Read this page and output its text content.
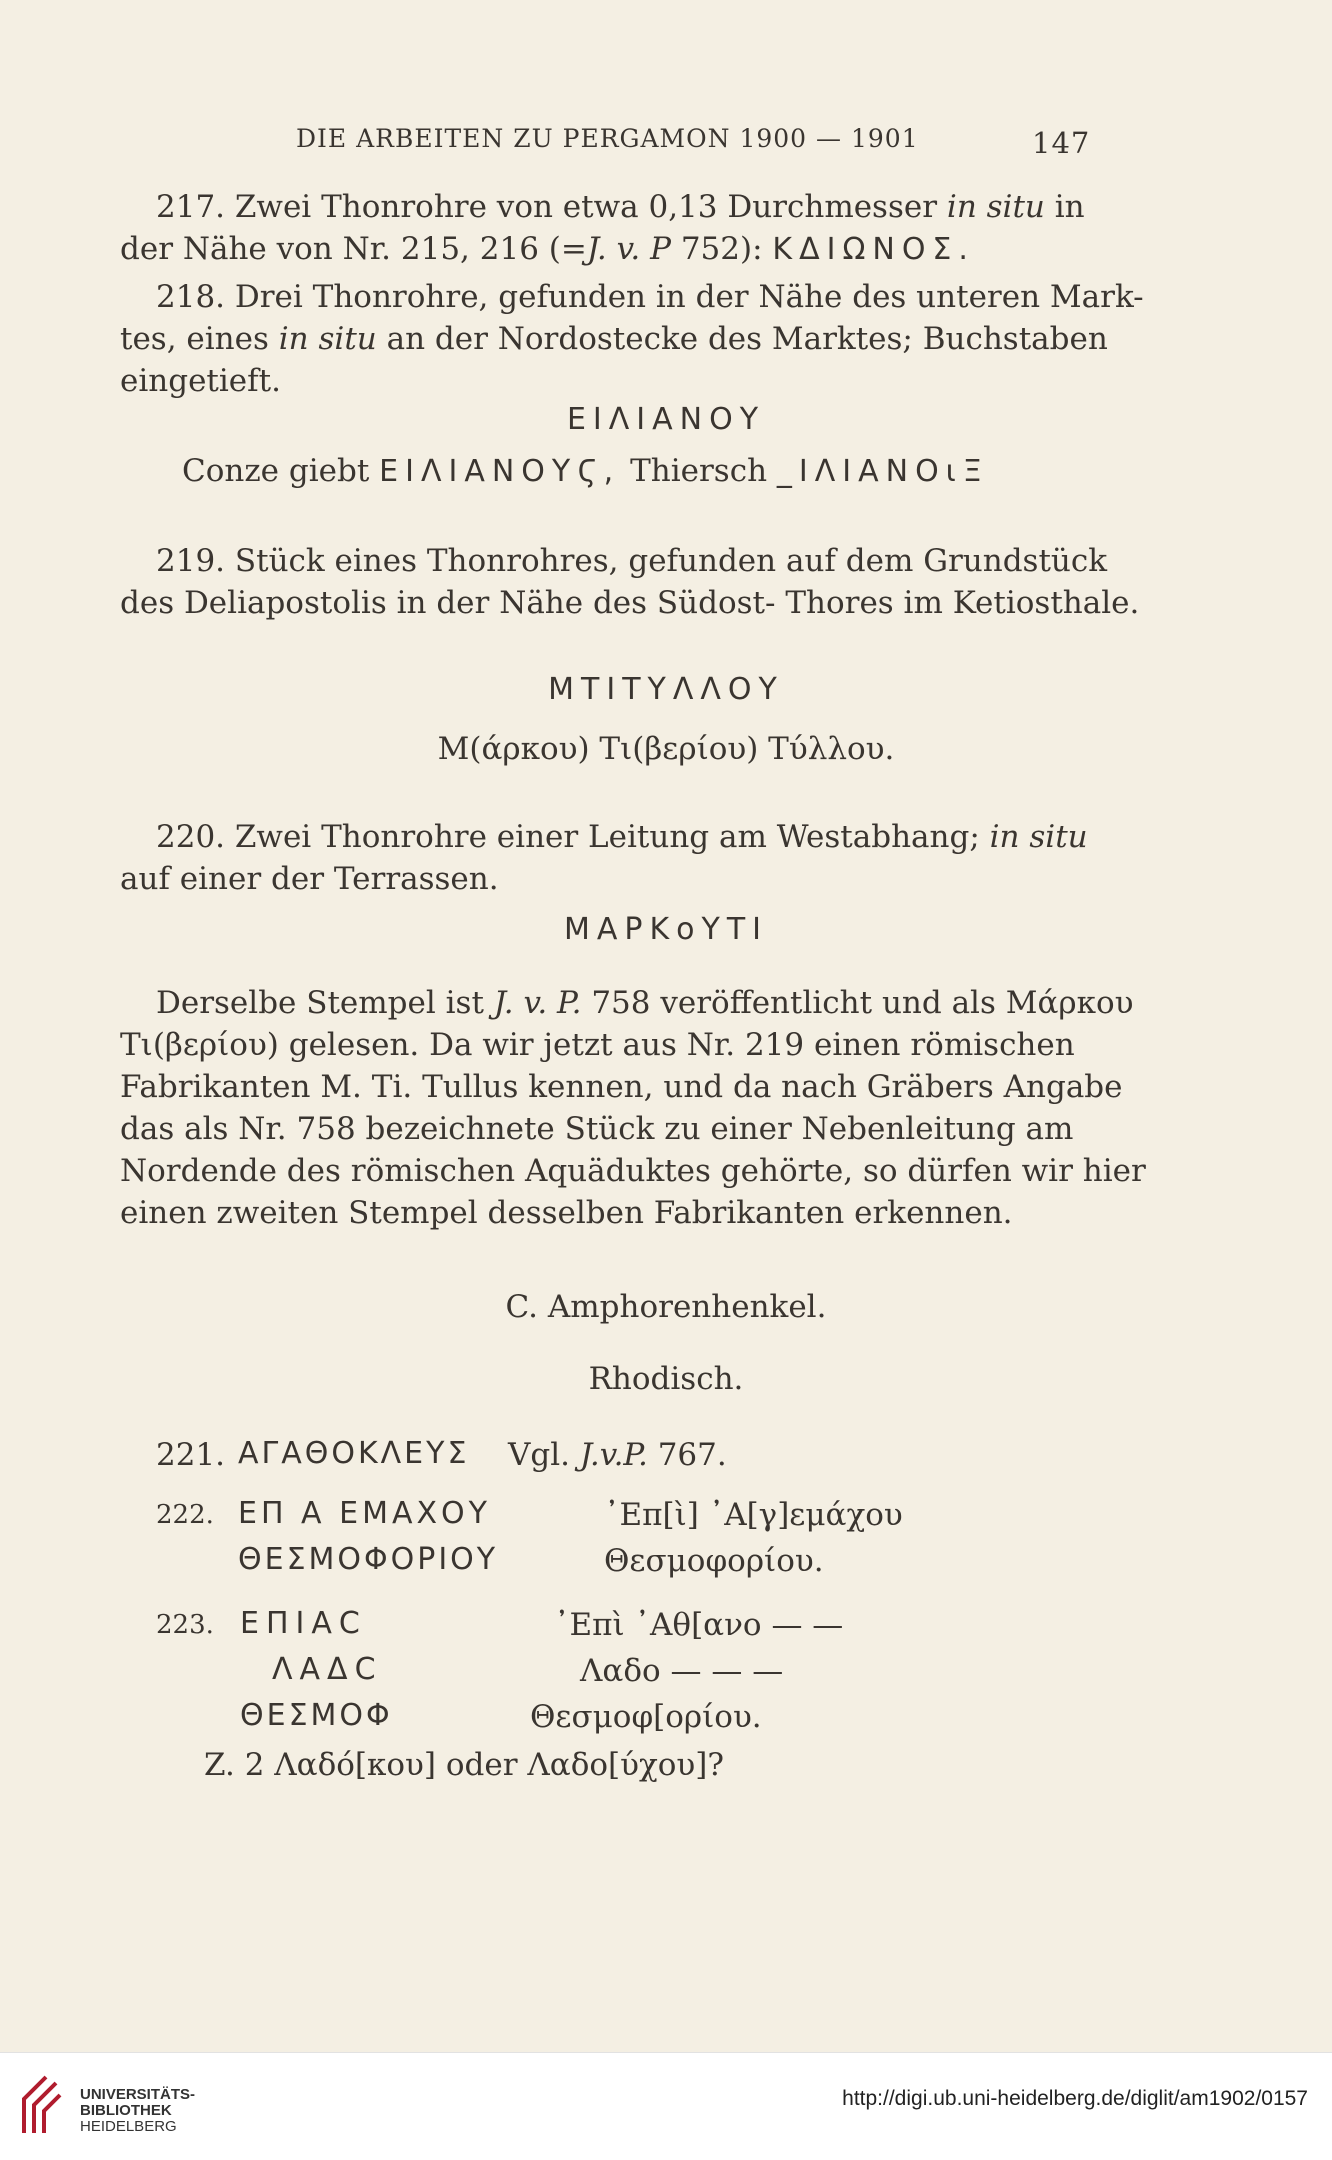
DIE ARBEITEN ZU PERGAMON 1900 — 1901	147
217. Zwei Thonrohre von etwa 0,13 Durchmesser in situ in
der Nähe von Nr. 215, 216 (=J. v. P 752): ΚΔΙΩΝΟΣ.
218. Drei Thonrohre, gefunden in der Nähe des unteren Mark-
tes, eines in situ an der Nordostecke des Marktes; Buchstaben
eingetieft.
ΕΙΛΙΑΝΟΥ
Conze giebt ΕΙΛΙΑΝΟΥϚ, Thiersch _ΙΛΙΑΝΟιΞ
219. Stück eines Thonrohres, gefunden auf dem Grundstück
des Deliapostolis in der Nähe des Südost- Thores im Ketiosthale.
ΜΤΙΤΥΛΛΟΥ
Μ(άρκου) Τι(βερίου) Τύλλου.
220. Zwei Thonrohre einer Leitung am Westabhang; in situ
auf einer der Terrassen.
ΜΑΡΚοΥΤΙ
Derselbe Stempel ist J. v. P. 758 veröffentlicht und als Μάρκου
Τι(βερίου) gelesen. Da wir jetzt aus Nr. 219 einen römischen
Fabrikanten M. Ti. Tullus kennen, und da nach Gräbers Angabe
das als Nr. 758 bezeichnete Stück zu einer Nebenleitung am
Nordende des römischen Aquäduktes gehörte, so dürfen wir hier
einen zweiten Stempel desselben Fabrikanten erkennen.
C. Amphorenhenkel.
Rhodisch.
221. ΑΓΑΘΟΚΛΕΥΣ Vgl. J.v.P. 767.
222. ΕΠ Α ΕΜΑΧΟΥ
ΘΕΣΜΟΦΟΡΙΟΥ
᾿Επ[ὶ] ᾿Α[γ]εμάχου
Θεσμοφορίου.
223. ΕΠΙΑϹ
ΛΑΔϹ
ΘΕΣΜΟΦ
᾿Επὶ ᾿Αθ[ανο — —
Λαδο — — —
Θεσμοφ[ορίου.
Z. 2 Λαδό[κου] oder Λαδο[ύχου]?
UNIVERSITÄTS-
BIBLIOTHEK
HEIDELBERG
http://digi.ub.uni-heidelberg.de/diglit/am1902/0157
